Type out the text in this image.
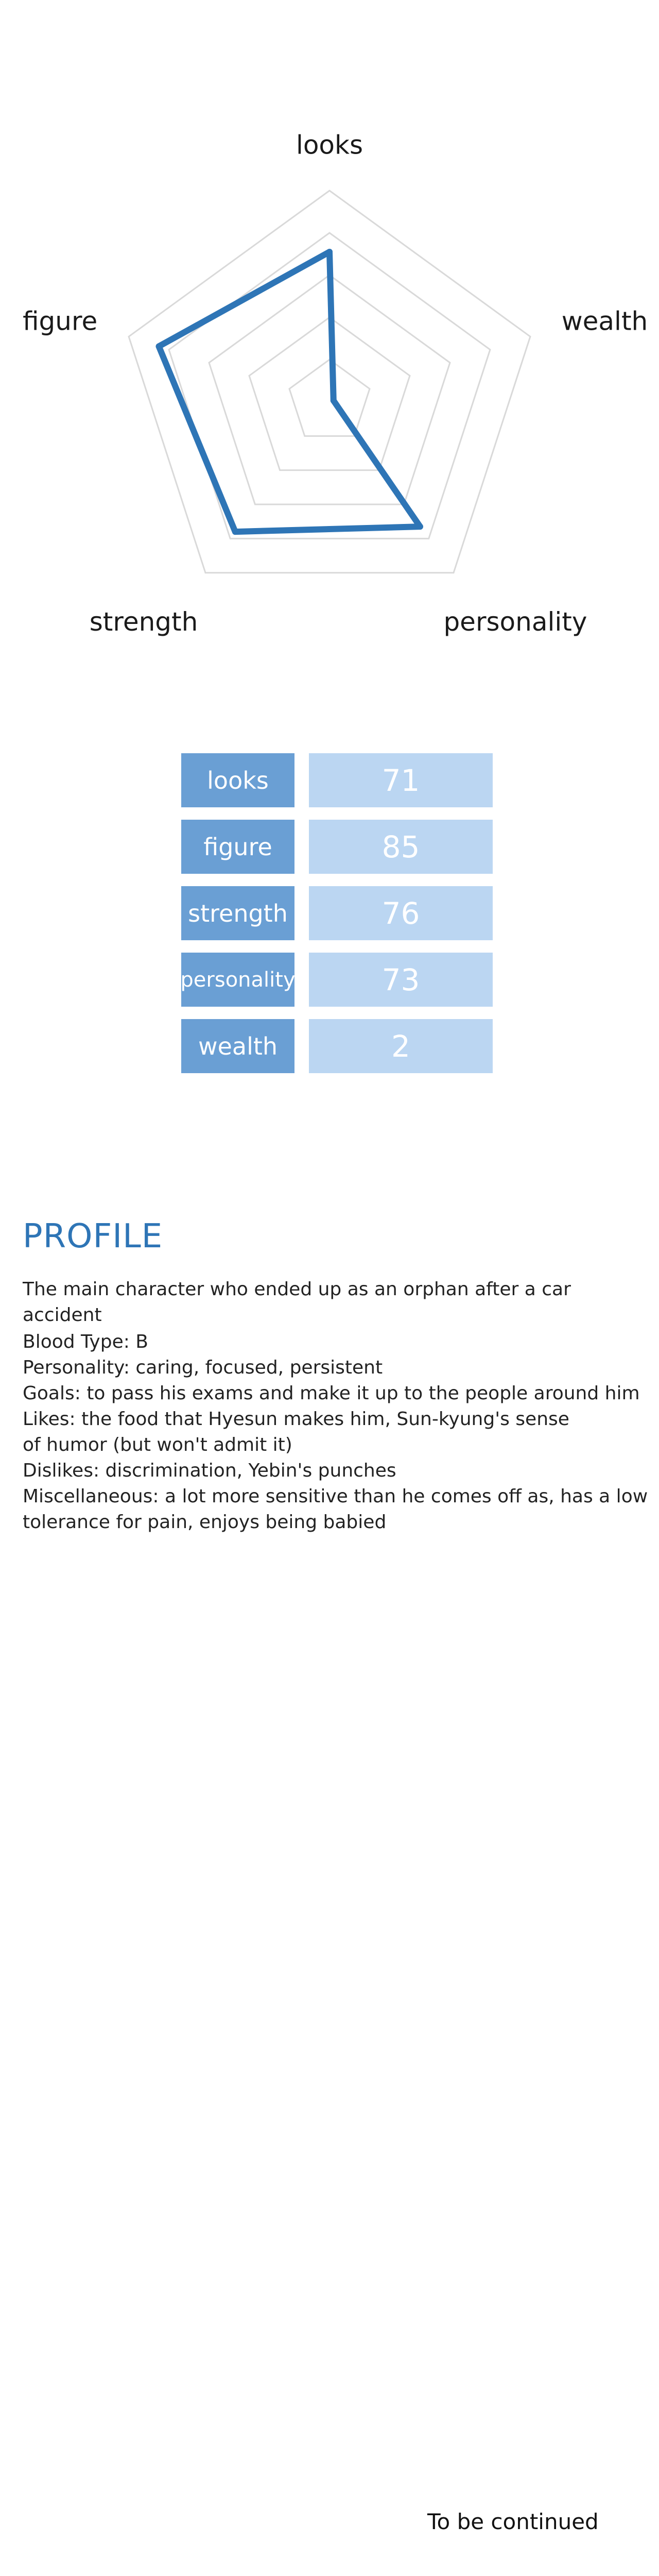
looks
wealth
personality
strength
figure
looks	71
figure	85
strength	76
personality	73
wealth	2
PROFILE

The main character who ended up as an orphan after a car accident

Blood Type: B
Personality: caring, focused, persistent
Goals: to pass his exams and make it up to the people around him
Likes: the food that Hyesun makes him, Sun-kyung's sense
of humor (but won't admit it)
Dislikes: discrimination, Yebin's punches
Miscellaneous: a lot more sensitive than he comes off as, has a low
tolerance for pain, enjoys being babied

To be continued
